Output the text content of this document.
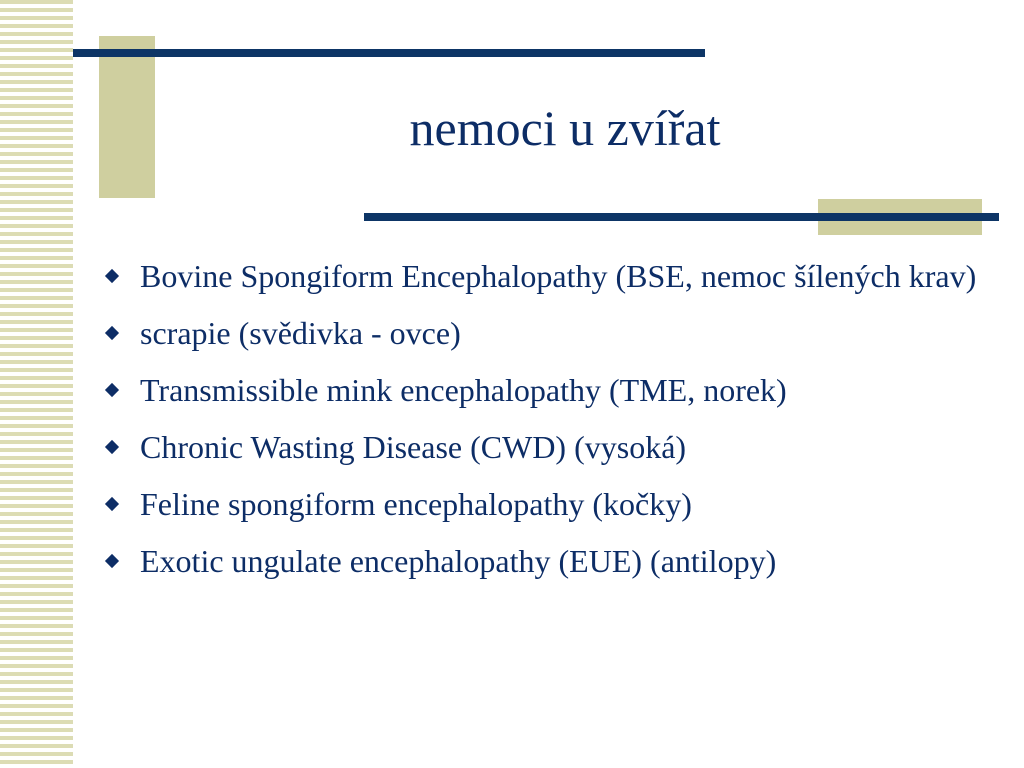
nemoci u zvířat
Bovine Spongiform Encephalopathy (BSE, nemoc šílených krav)
scrapie (svědivka - ovce)
Transmissible mink encephalopathy (TME, norek)
Chronic Wasting Disease (CWD) (vysoká)
Feline spongiform encephalopathy (kočky)
Exotic ungulate encephalopathy (EUE) (antilopy)
